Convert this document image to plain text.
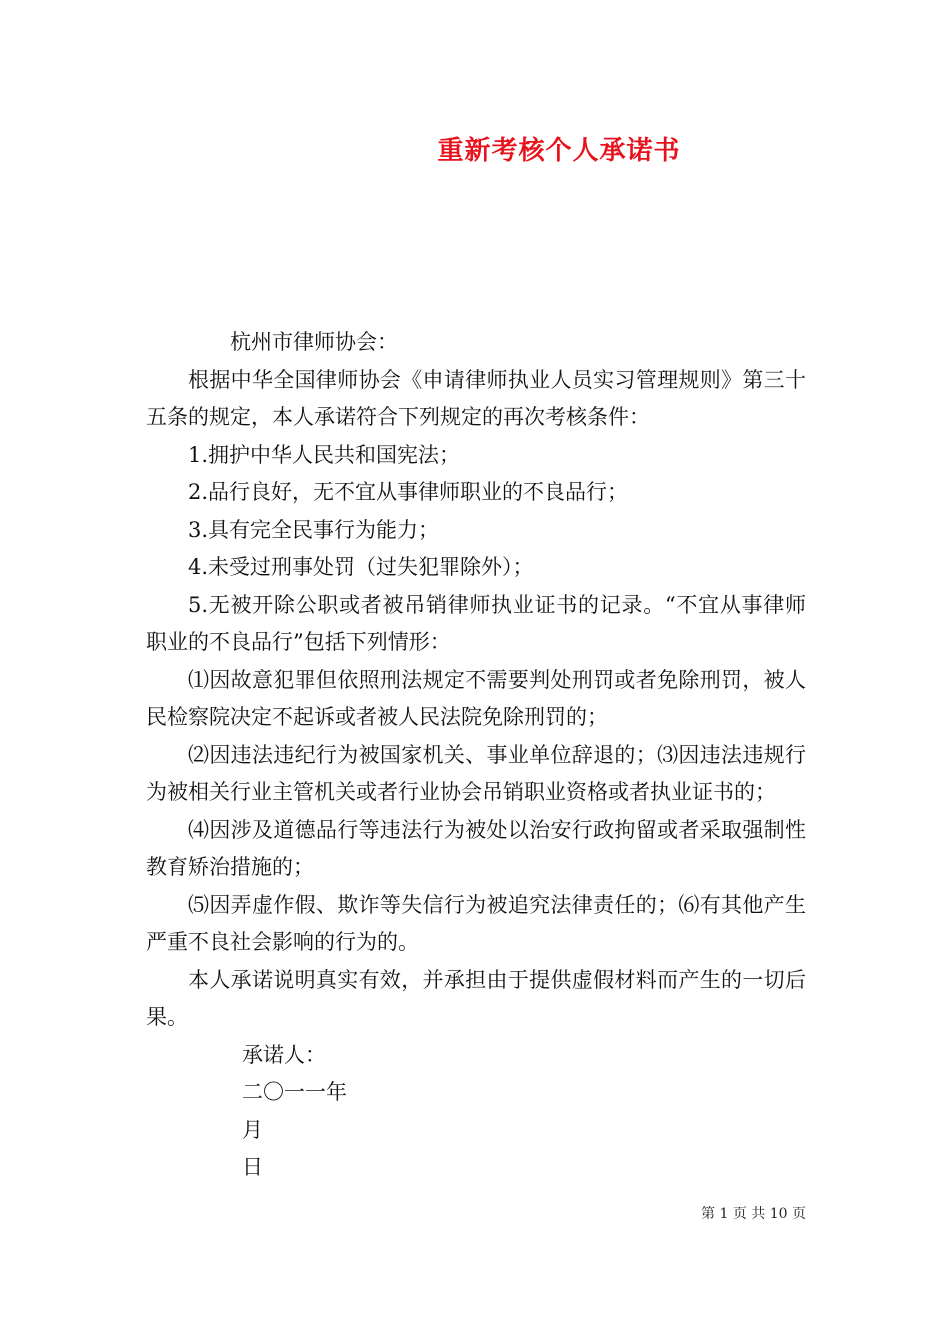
重新考核个人承诺书

杭州市律师协会：

根据中华全国律师协会《申请律师执业人员实习管理规则》第三十五条的规定，本人承诺符合下列规定的再次考核条件：

1.拥护中华人民共和国宪法；

2.品行良好，无不宜从事律师职业的不良品行；

3.具有完全民事行为能力；

4.未受过刑事处罚（过失犯罪除外）；

5.无被开除公职或者被吊销律师执业证书的记录。“不宜从事律师职业的不良品行”包括下列情形：

⑴因故意犯罪但依照刑法规定不需要判处刑罚或者免除刑罚，被人民检察院决定不起诉或者被人民法院免除刑罚的；

⑵因违法违纪行为被国家机关、事业单位辞退的；⑶因违法违规行为被相关行业主管机关或者行业协会吊销职业资格或者执业证书的；

⑷因涉及道德品行等违法行为被处以治安行政拘留或者采取强制性教育矫治措施的；

⑸因弄虚作假、欺诈等失信行为被追究法律责任的；⑹有其他产生严重不良社会影响的行为的。

本人承诺说明真实有效，并承担由于提供虚假材料而产生的一切后果。

承诺人：

二〇一一年

月

日

第 1 页 共 10 页
